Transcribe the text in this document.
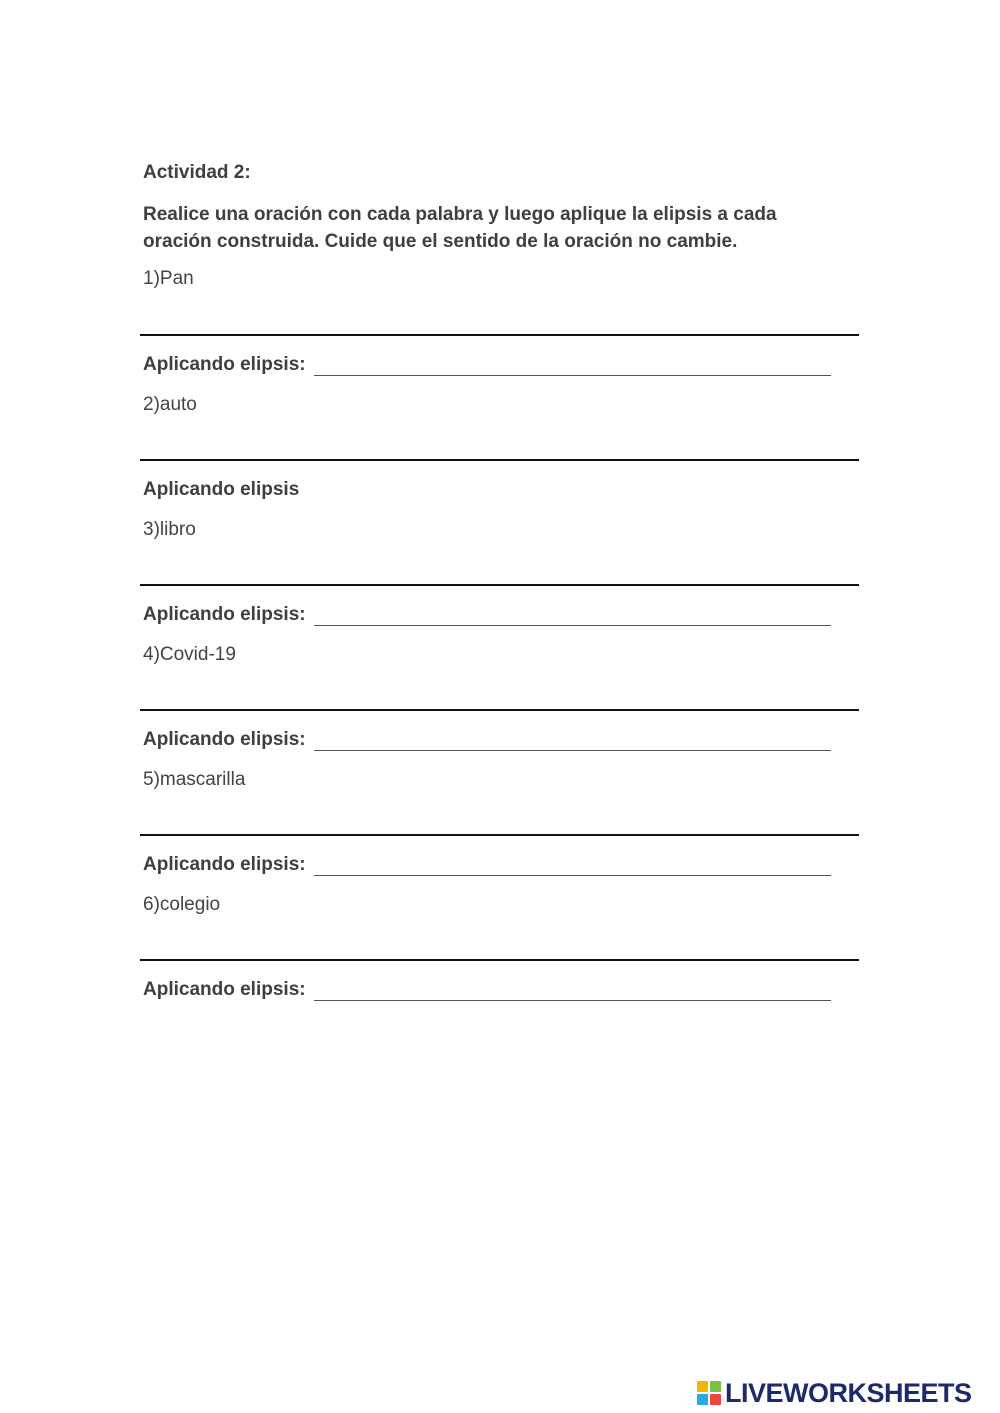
Actividad 2:
Realice una oración con cada palabra y luego aplique la elipsis a cada oración construida. Cuide que el sentido de la oración no cambie.
1)Pan
Aplicando elipsis:
2)auto
Aplicando elipsis
3)libro
Aplicando elipsis:
4)Covid-19
Aplicando elipsis:
5)mascarilla
Aplicando elipsis:
6)colegio
Aplicando elipsis:
LIVEWORKSHEETS
